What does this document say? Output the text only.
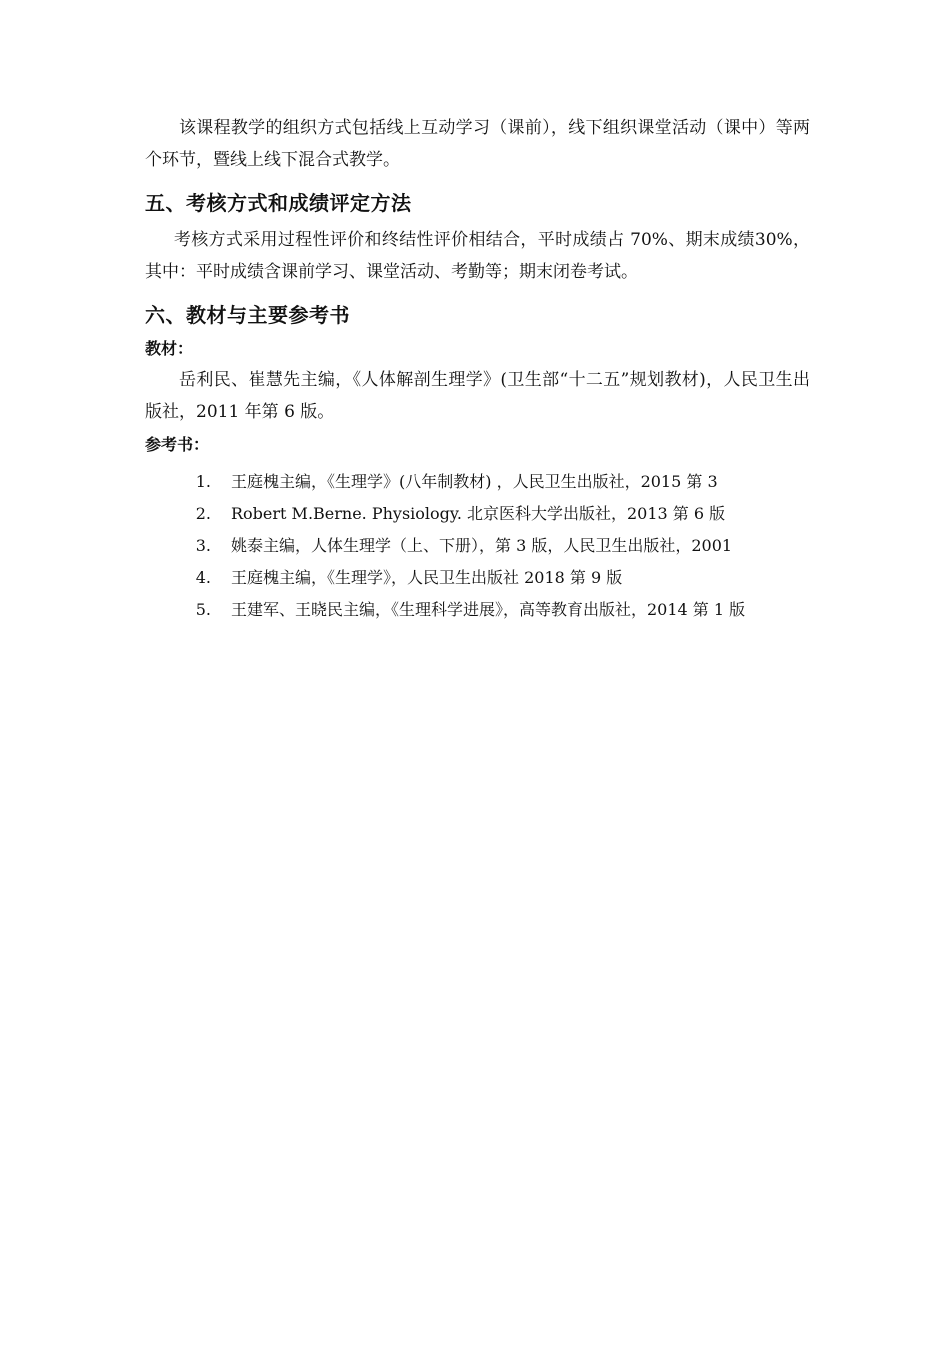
该课程教学的组织方式包括线上互动学习（课前），线下组织课堂活动（课中）等两个环节，暨线上线下混合式教学。

五、考核方式和成绩评定方法

考核方式采用过程性评价和终结性评价相结合，平时成绩占 70%、期末成绩30%，其中：平时成绩含课前学习、课堂活动、考勤等；期末闭卷考试。

六、教材与主要参考书
教材：

岳利民、崔慧先主编，《人体解剖生理学》(卫生部“十二五”规划教材)，人民卫生出版社，2011 年第 6 版。

参考书：
1.	王庭槐主编，《生理学》(八年制教材) ，人民卫生出版社，2015 第 3
2.	Robert M.Berne. Physiology. 北京医科大学出版社，2013 第 6 版
3.	姚泰主编，人体生理学（上、下册），第 3 版，人民卫生出版社，2001
4.	王庭槐主编，《生理学》，人民卫生出版社 2018 第 9 版
5.	王建军、王晓民主编，《生理科学进展》，高等教育出版社，2014 第 1 版
